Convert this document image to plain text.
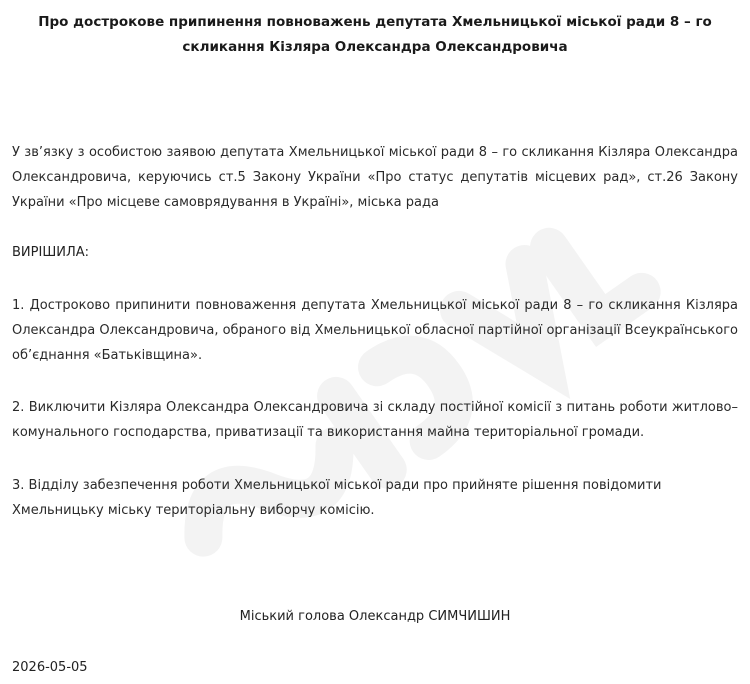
Про дострокове припинення повноважень депутата Хмельницької міської ради 8 – го скликання Кізляра Олександра Олександровича
У зв’язку з особистою заявою депутата Хмельницької міської ради 8 – го скликання Кізляра Олександра Олександровича, керуючись ст.5 Закону України «Про статус депутатів місцевих рад», ст.26 Закону України «Про місцеве самоврядування в Україні», міська рада
ВИРІШИЛА:
1. Достроково припинити повноваження депутата Хмельницької міської ради 8 – го скликання Кізляра Олександра Олександровича, обраного від Хмельницької обласної партійної організації Всеукраїнського об’єднання «Батьківщина».
2. Виключити Кізляра Олександра Олександровича зі складу постійної комісії з питань роботи житлово–комунального господарства, приватизації та використання майна територіальної громади.
3. Відділу забезпечення роботи Хмельницької міської ради про прийняте рішення повідомити Хмельницьку міську територіальну виборчу комісію.
Міський голова Олександр СИМЧИШИН
2026-05-05
